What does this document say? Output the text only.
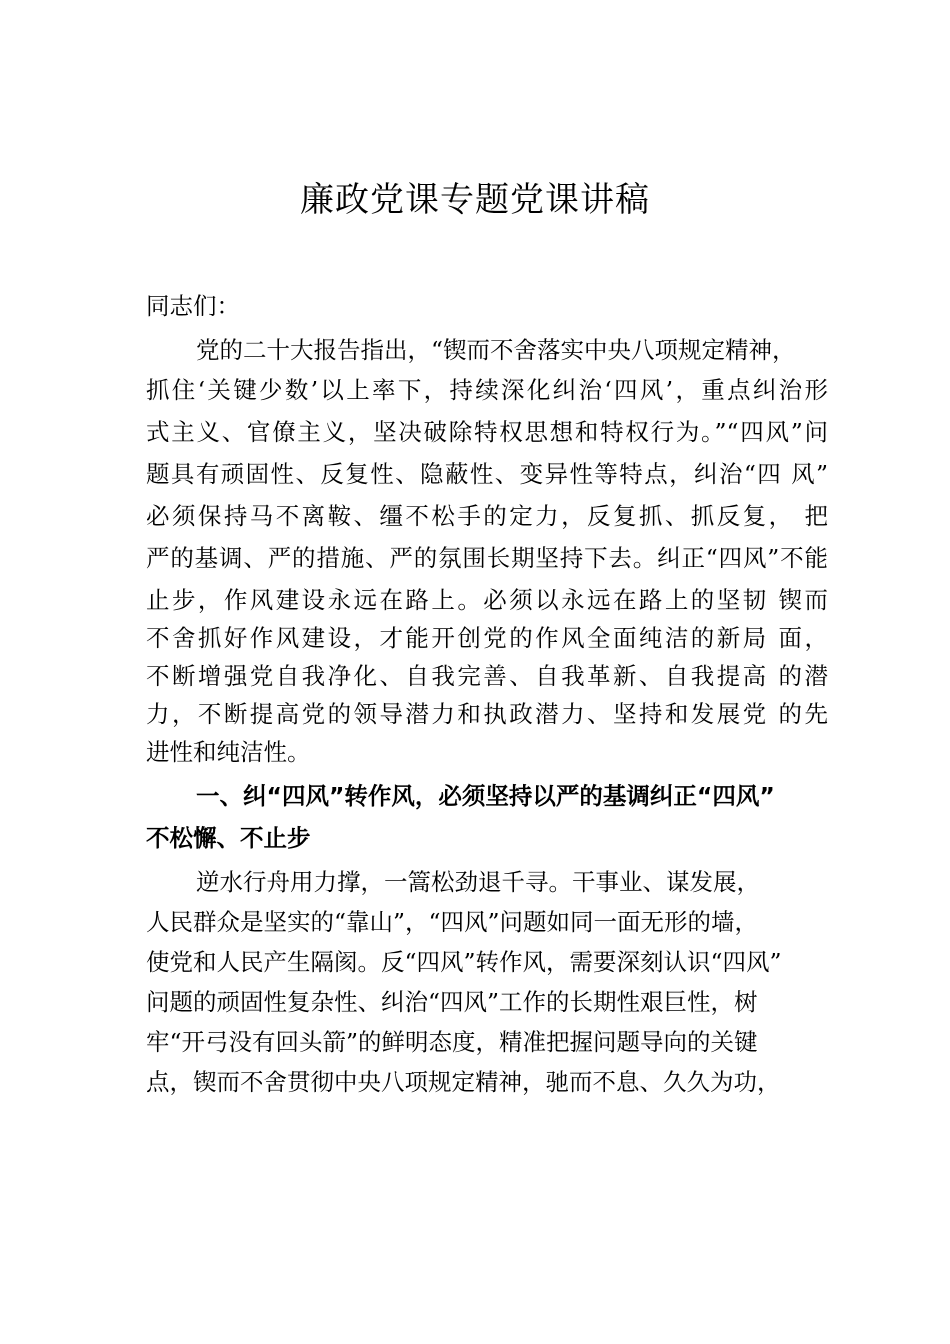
廉政党课专题党课讲稿
同志们：
党的二十大报告指出，“锲而不舍落实中央八项规定精神，
抓住‘关键少数’以上率下，持续深化纠治‘四风’，重点纠治形
式主义、官僚主义，坚决破除特权思想和特权行为。”“四风”问
题具有顽固性、反复性、隐蔽性、变异性等特点，纠治“四 风”
必须保持马不离鞍、缰不松手的定力，反复抓、抓反复， 把
严的基调、严的措施、严的氛围长期坚持下去。纠正“四风”不能
止步，作风建设永远在路上。必须以永远在路上的坚韧 锲而
不舍抓好作风建设，才能开创党的作风全面纯洁的新局 面，
不断增强党自我净化、自我完善、自我革新、自我提高 的潜
力，不断提高党的领导潜力和执政潜力、坚持和发展党 的先
进性和纯洁性。
一、纠“四风”转作风，必须坚持以严的基调纠正“四风”
不松懈、不止步
逆水行舟用力撑，一篙松劲退千寻。干事业、谋发展，
人民群众是坚实的“靠山”，“四风”问题如同一面无形的墙，
使党和人民产生隔阂。反“四风”转作风，需要深刻认识“四风”
问题的顽固性复杂性、纠治“四风”工作的长期性艰巨性，树
牢“开弓没有回头箭”的鲜明态度，精准把握问题导向的关键
点，锲而不舍贯彻中央八项规定精神，驰而不息、久久为功，
